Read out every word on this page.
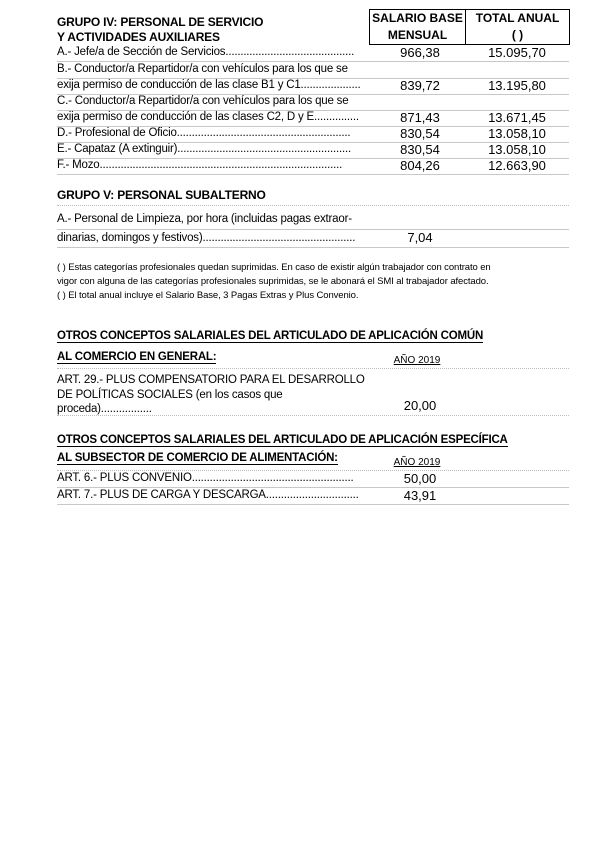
GRUPO IV: PERSONAL DE SERVICIO
Y ACTIVIDADES AUXILIARES
SALARIO BASE
MENSUAL
TOTAL ANUAL
( )
A.- Jefe/a de Sección de Servicios...........................................	966,38	15.095,70
B.- Conductor/a Repartidor/a con vehículos para los que se
exija permiso de conducción de las clase B1 y C1....................	839,72	13.195,80
C.- Conductor/a Repartidor/a con vehículos para los que se
exija permiso de conducción de las clases C2, D y E...............	871,43	13.671,45
D.- Profesional de Oficio..........................................................	830,54	13.058,10
E.- Capataz (A extinguir)..........................................................	830,54	13.058,10
F.- Mozo.................................................................................	804,26	12.663,90
GRUPO V: PERSONAL SUBALTERNO
A.- Personal de Limpieza, por hora (incluidas pagas extraor-
dinarias, domingos y festivos)...................................................	7,04
( ) Estas categorías profesionales quedan suprimidas. En caso de existir algún trabajador con contrato en
vigor con alguna de las categorías profesionales suprimidas, se le abonará el SMI al trabajador afectado.
( ) El total anual incluye el Salario Base, 3 Pagas Extras y Plus Convenio.
OTROS CONCEPTOS SALARIALES DEL ARTICULADO DE APLICACIÓN COMÚN
AL COMERCIO EN GENERAL:	AÑO 2019
ART. 29.- PLUS COMPENSATORIO PARA EL DESARROLLO
DE POLÍTICAS SOCIALES (en los casos que
proceda).................	20,00
OTROS CONCEPTOS SALARIALES DEL ARTICULADO DE APLICACIÓN ESPECÍFICA
AL SUBSECTOR DE COMERCIO DE ALIMENTACIÓN:	AÑO 2019
ART. 6.- PLUS CONVENIO......................................................	50,00
ART. 7.- PLUS DE CARGA Y DESCARGA...............................	43,91
